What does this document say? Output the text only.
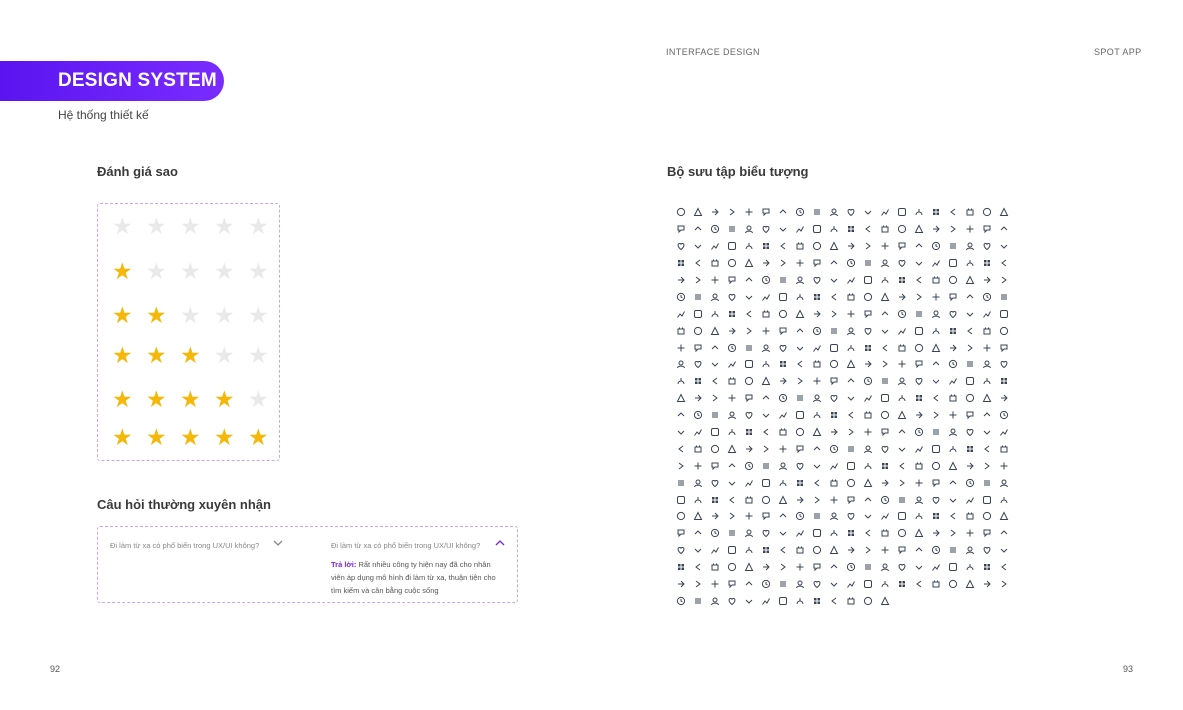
INTERFACE DESIGN	SPOT APP
DESIGN SYSTEM
Hệ thống thiết kế
Đánh giá sao
★ ★ ★ ★ ★
★ ★ ★ ★ ★
★ ★ ★ ★ ★
★ ★ ★ ★ ★
★ ★ ★ ★ ★
★ ★ ★ ★ ★
Câu hỏi thường xuyên nhận
Đi làm từ xa có phổ biến trong UX/UI không?	Đi làm từ xa có phổ biến trong UX/UI không?
Trả lời: Rất nhiều công ty hiện nay đã cho nhân viên áp dụng mô hình đi làm từ xa, thuận tiện cho tìm kiếm và cân bằng cuộc sống
Bộ sưu tập biểu tượng
92	93
